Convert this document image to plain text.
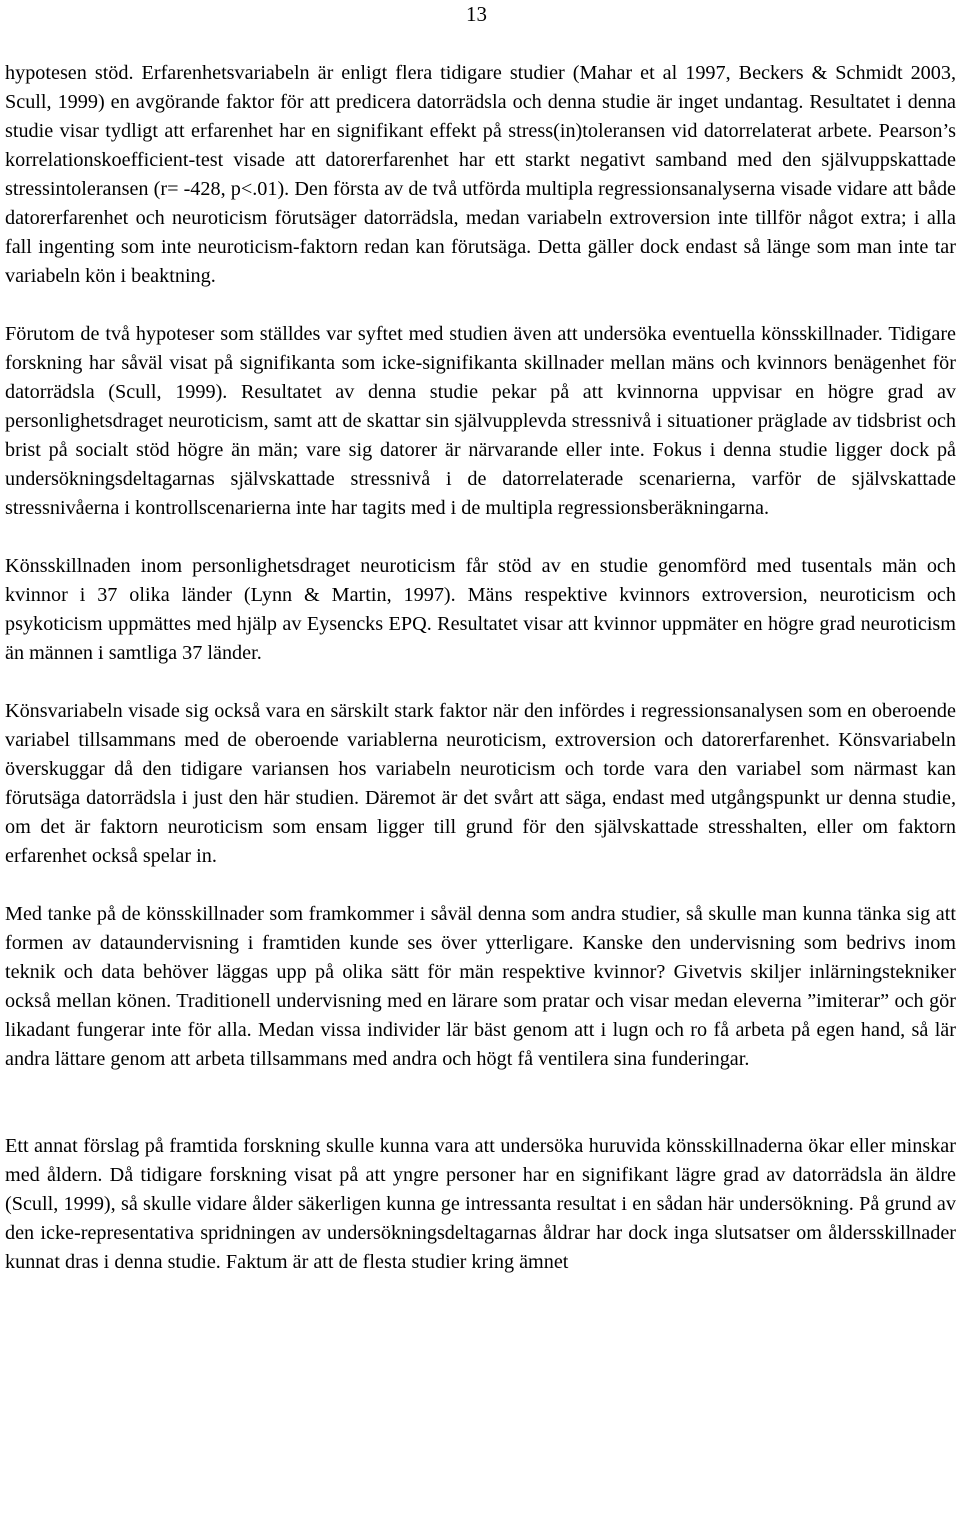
13

hypotesen stöd. Erfarenhetsvariabeln är enligt flera tidigare studier (Mahar et al 1997, Beckers & Schmidt 2003, Scull, 1999) en avgörande faktor för att predicera datorrädsla och denna studie är inget undantag. Resultatet i denna studie visar tydligt att erfarenhet har en signifikant effekt på stress(in)toleransen vid datorrelaterat arbete. Pearson’s korrelationskoefficient-test visade att datorerfarenhet har ett starkt negativt samband med den självuppskattade stressintoleransen (r= -428, p<.01). Den första av de två utförda multipla regressionsanalyserna visade vidare att både datorerfarenhet och neuroticism förutsäger datorrädsla, medan variabeln extroversion inte tillför något extra; i alla fall ingenting som inte neuroticism-faktorn redan kan förutsäga. Detta gäller dock endast så länge som man inte tar variabeln kön i beaktning.

Förutom de två hypoteser som ställdes var syftet med studien även att undersöka eventuella könsskillnader. Tidigare forskning har såväl visat på signifikanta som icke-signifikanta skillnader mellan mäns och kvinnors benägenhet för datorrädsla (Scull, 1999). Resultatet av denna studie pekar på att kvinnorna uppvisar en högre grad av personlighetsdraget neuroticism, samt att de skattar sin självupplevda stressnivå i situationer präglade av tidsbrist och brist på socialt stöd högre än män; vare sig datorer är närvarande eller inte. Fokus i denna studie ligger dock på undersökningsdeltagarnas självskattade stressnivå i de datorrelaterade scenarierna, varför de självskattade stressnivåerna i kontrollscenarierna inte har tagits med i de multipla regressionsberäkningarna.

Könsskillnaden inom personlighetsdraget neuroticism får stöd av en studie genomförd med tusentals män och kvinnor i 37 olika länder (Lynn & Martin, 1997). Mäns respektive kvinnors extroversion, neuroticism och psykoticism uppmättes med hjälp av Eysencks EPQ. Resultatet visar att kvinnor uppmäter en högre grad neuroticism än männen i samtliga 37 länder.

Könsvariabeln visade sig också vara en särskilt stark faktor när den infördes i regressionsanalysen som en oberoende variabel tillsammans med de oberoende variablerna neuroticism, extroversion och datorerfarenhet. Könsvariabeln överskuggar då den tidigare variansen hos variabeln neuroticism och torde vara den variabel som närmast kan förutsäga datorrädsla i just den här studien. Däremot är det svårt att säga, endast med utgångspunkt ur denna studie, om det är faktorn neuroticism som ensam ligger till grund för den självskattade stresshalten, eller om faktorn erfarenhet också spelar in.

Med tanke på de könsskillnader som framkommer i såväl denna som andra studier, så skulle man kunna tänka sig att formen av dataundervisning i framtiden kunde ses över ytterligare. Kanske den undervisning som bedrivs inom teknik och data behöver läggas upp på olika sätt för män respektive kvinnor? Givetvis skiljer inlärningstekniker också mellan könen. Traditionell undervisning med en lärare som pratar och visar medan eleverna ”imiterar” och gör likadant fungerar inte för alla. Medan vissa individer lär bäst genom att i lugn och ro få arbeta på egen hand, så lär andra lättare genom att arbeta tillsammans med andra och högt få ventilera sina funderingar.

Ett annat förslag på framtida forskning skulle kunna vara att undersöka huruvida könsskillnaderna ökar eller minskar med åldern. Då tidigare forskning visat på att yngre personer har en signifikant lägre grad av datorrädsla än äldre (Scull, 1999), så skulle vidare ålder säkerligen kunna ge intressanta resultat i en sådan här undersökning. På grund av den icke-representativa spridningen av undersökningsdeltagarnas åldrar har dock inga slutsatser om åldersskillnader kunnat dras i denna studie. Faktum är att de flesta studier kring ämnet
